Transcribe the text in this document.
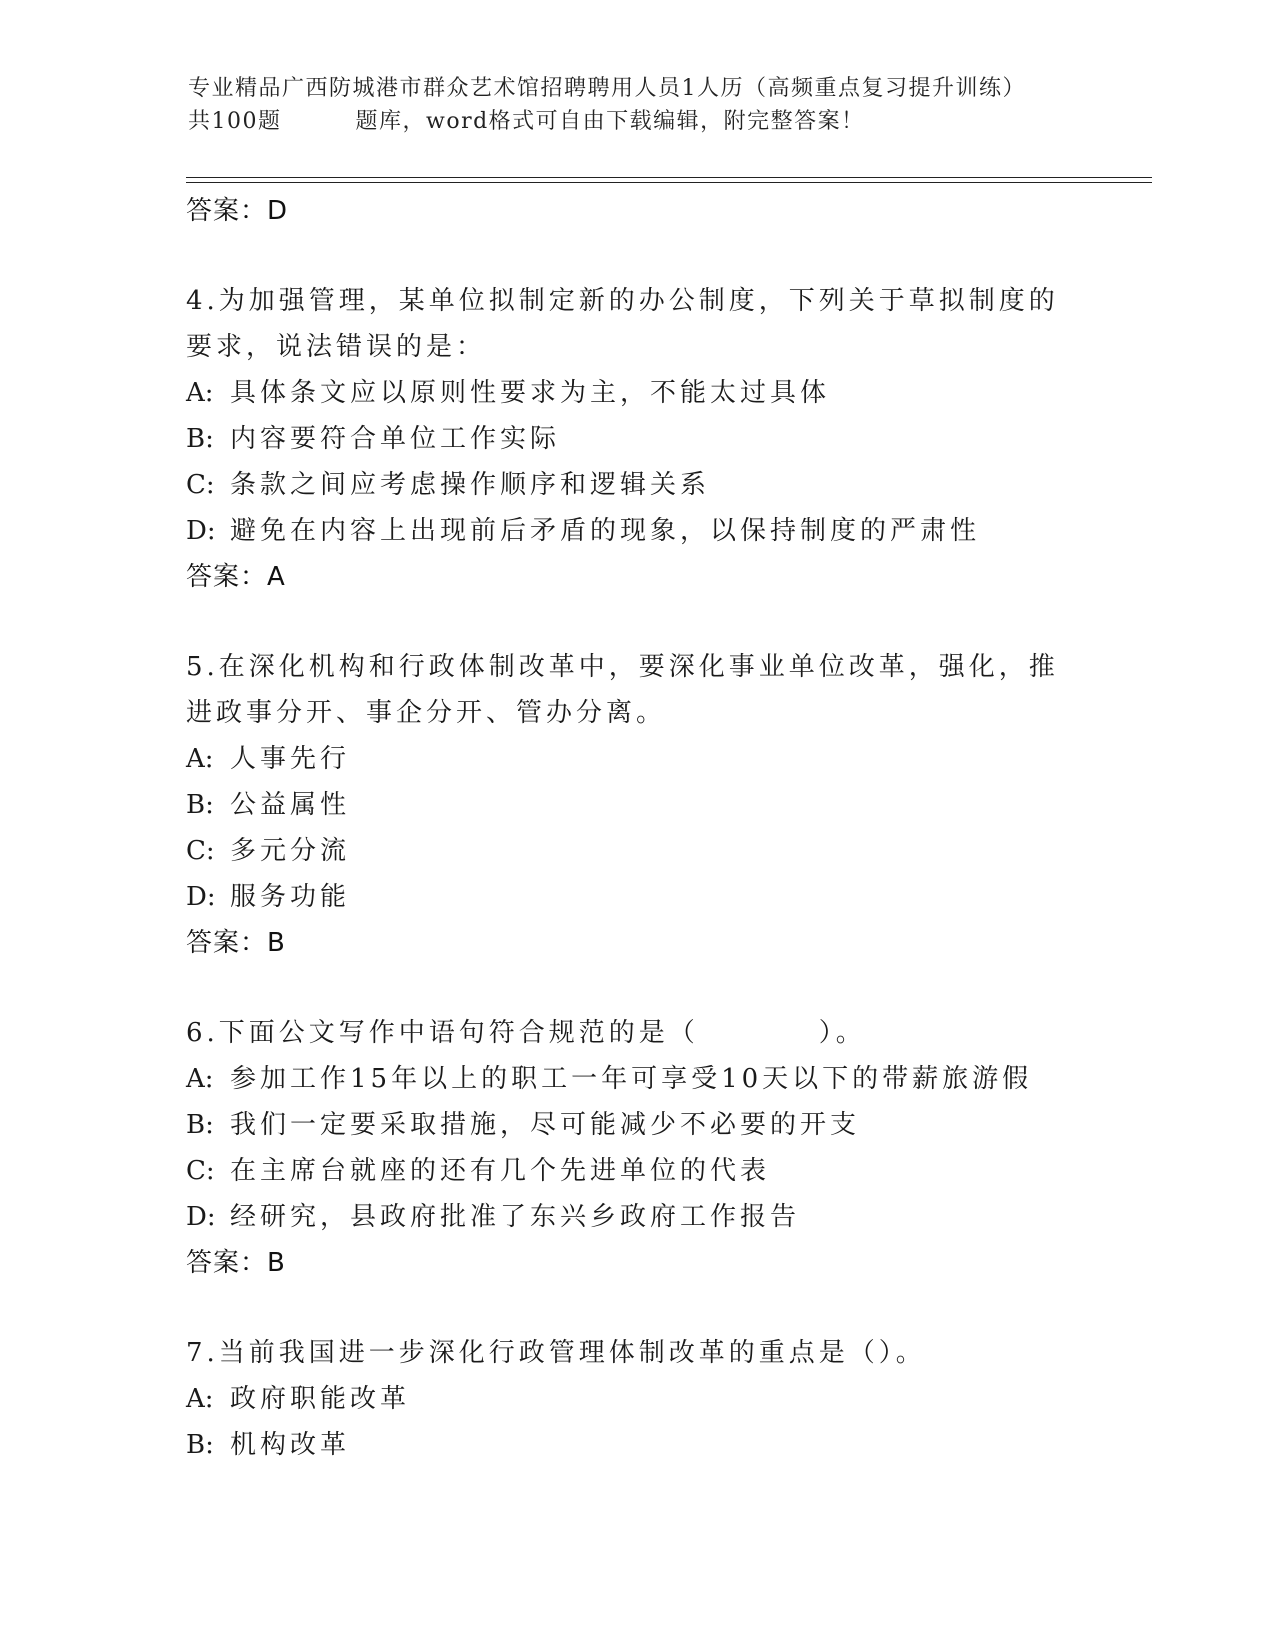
专业精品广西防城港市群众艺术馆招聘聘用人员1人历（高频重点复习提升训练）
共100题	题库，word格式可自由下载编辑，附完整答案！
答案：D
4.为加强管理，某单位拟制定新的办公制度，下列关于草拟制度的要求，说法错误的是：
A: 具体条文应以原则性要求为主，不能太过具体
B: 内容要符合单位工作实际
C: 条款之间应考虑操作顺序和逻辑关系
D: 避免在内容上出现前后矛盾的现象，以保持制度的严肃性
答案：A
5.在深化机构和行政体制改革中，要深化事业单位改革，强化，推进政事分开、事企分开、管办分离。
A: 人事先行
B: 公益属性
C: 多元分流
D: 服务功能
答案：B
6.下面公文写作中语句符合规范的是（　　　　）。
A: 参加工作15年以上的职工一年可享受10天以下的带薪旅游假
B: 我们一定要采取措施，尽可能减少不必要的开支
C: 在主席台就座的还有几个先进单位的代表
D: 经研究，县政府批准了东兴乡政府工作报告
答案：B
7.当前我国进一步深化行政管理体制改革的重点是（）。
A: 政府职能改革
B: 机构改革
